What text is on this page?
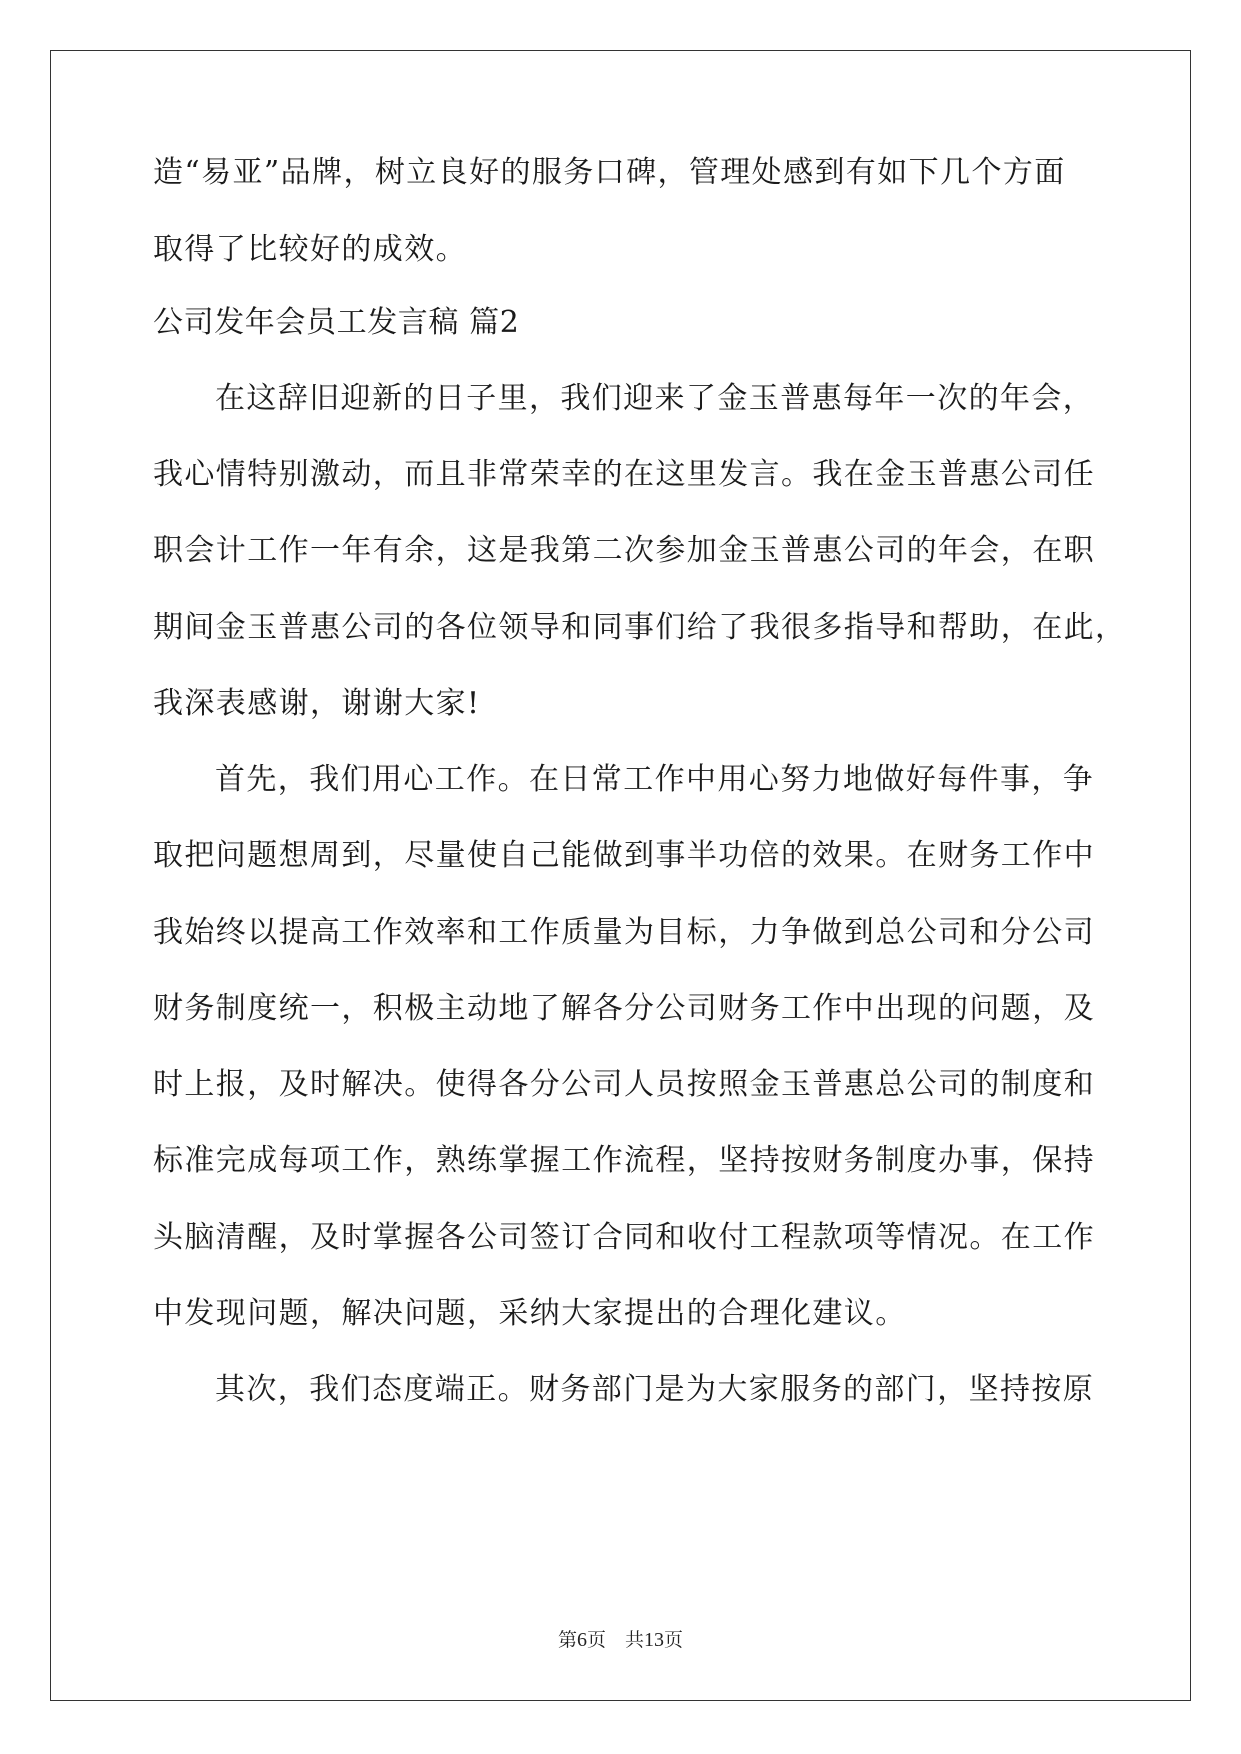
造“易亚”品牌，树立良好的服务口碑，管理处感到有如下几个方面
取得了比较好的成效。
公司发年会员工发言稿 篇2
在这辞旧迎新的日子里，我们迎来了金玉普惠每年一次的年会，
我心情特别激动，而且非常荣幸的在这里发言。我在金玉普惠公司任
职会计工作一年有余，这是我第二次参加金玉普惠公司的年会，在职
期间金玉普惠公司的各位领导和同事们给了我很多指导和帮助，在此，
我深表感谢，谢谢大家!
首先，我们用心工作。在日常工作中用心努力地做好每件事，争
取把问题想周到，尽量使自己能做到事半功倍的效果。在财务工作中
我始终以提高工作效率和工作质量为目标，力争做到总公司和分公司
财务制度统一，积极主动地了解各分公司财务工作中出现的问题，及
时上报，及时解决。使得各分公司人员按照金玉普惠总公司的制度和
标准完成每项工作，熟练掌握工作流程，坚持按财务制度办事，保持
头脑清醒，及时掌握各公司签订合同和收付工程款项等情况。在工作
中发现问题，解决问题，采纳大家提出的合理化建议。
其次，我们态度端正。财务部门是为大家服务的部门，坚持按原
第6页　 共13页
